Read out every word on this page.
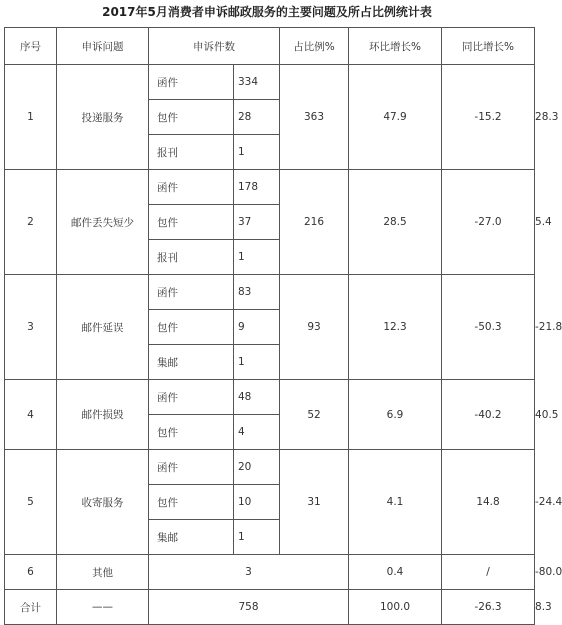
2017年5月消费者申诉邮政服务的主要问题及所占比例统计表
序号	申诉问题	申诉件数		占比例%	环比增长%	同比增长%	
1	投递服务	函件	334	363	47.9	-15.2	28.3
		包件	28				
		报刊	1				
2	邮件丢失短少	函件	178	216	28.5	-27.0	5.4
		包件	37				
		报刊	1				
3	邮件延误	函件	83	93	12.3	-50.3	-21.8
		包件	9				
		集邮	1				
4	邮件损毁	函件	48	52	6.9	-40.2	40.5
		包件	4				
5	收寄服务	函件	20	31	4.1	14.8	-24.4
		包件	10				
		集邮	1				
6	其他	3			0.4	/	-80.0
合计	——	758			100.0	-26.3	8.3
